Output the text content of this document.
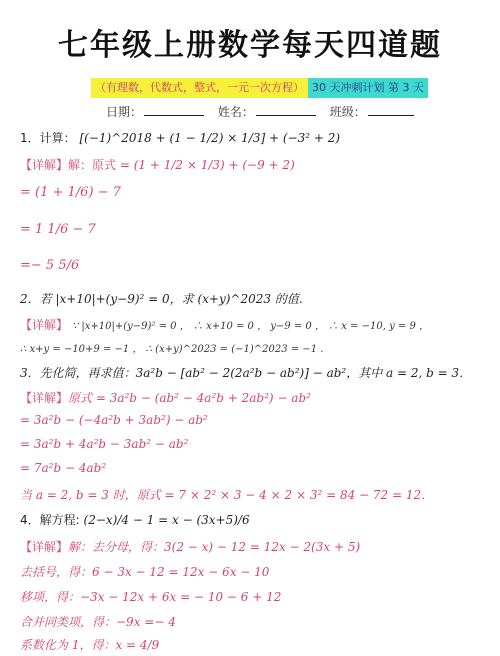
七年级上册数学每天四道题
（有理数，代数式，整式，一元一次方程） 30 天冲刺计划 第 3 天
日期：	姓名：	班级：
1．计算： [(−1)^2018 + (1 − 1/2) × 1/3] + (−3² + 2)
【详解】解：原式 = (1 + 1/2 × 1/3) + (−9 + 2)
= (1 + 1/6) − 7
= 1 1/6 − 7
=− 5 5/6
2．若 |x+10|+(y−9)² = 0，求 (x+y)^2023 的值.
【详解】 ∵ |x+10|+(y−9)² = 0 ， ∴ x+10 = 0 ， y−9 = 0 ， ∴ x = −10, y = 9 ，
∴ x+y = −10+9 = −1 ， ∴ (x+y)^2023 = (−1)^2023 = −1 .
3．先化简，再求值：3a²b − [ab² − 2(2a²b − ab²)] − ab²，其中 a = 2, b = 3．
【详解】原式 = 3a²b − (ab² − 4a²b + 2ab²) − ab²
= 3a²b − (−4a²b + 3ab²) − ab²
= 3a²b + 4a²b − 3ab² − ab²
= 7a²b − 4ab²
当 a = 2, b = 3 时，原式 = 7 × 2² × 3 − 4 × 2 × 3² = 84 − 72 = 12．
4．解方程: (2−x)/4 − 1 = x − (3x+5)/6
【详解】解：去分母，得：3(2 − x) − 12 = 12x − 2(3x + 5)
去括号，得：6 − 3x − 12 = 12x − 6x − 10
移项，得：−3x − 12x + 6x = − 10 − 6 + 12
合并同类项，得：−9x =− 4
系数化为 1，得：x = 4/9
